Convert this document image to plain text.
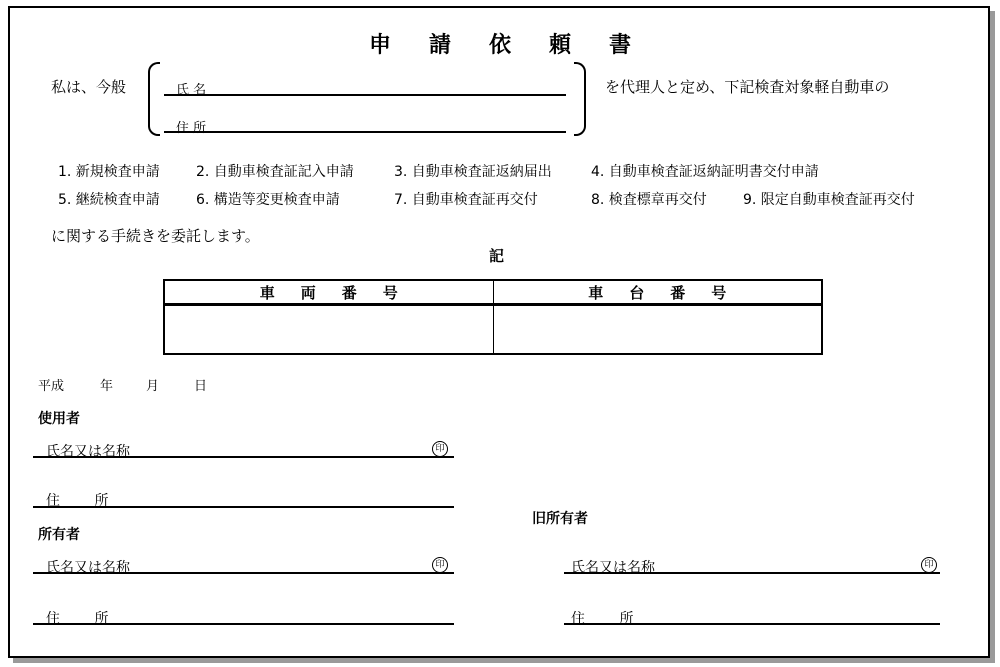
申請依頼書
私は、今般	氏 名
住 所
を代理人と定め、下記検査対象軽自動車の
1. 新規検査申請	2. 自動車検査証記入申請	3. 自動車検査証返納届出	4. 自動車検査証返納証明書交付申請
5. 継続検査申請	6. 構造等変更検査申請	7. 自動車検査証再交付	8. 検査標章再交付	9. 限定自動車検査証再交付
に関する手続きを委託します。
記
車両番号	車台番号

平成	年	月	日
使用者
氏名又は名称	印
住 所
所有者
氏名又は名称	印
住 所
旧所有者
氏名又は名称	印
住 所
